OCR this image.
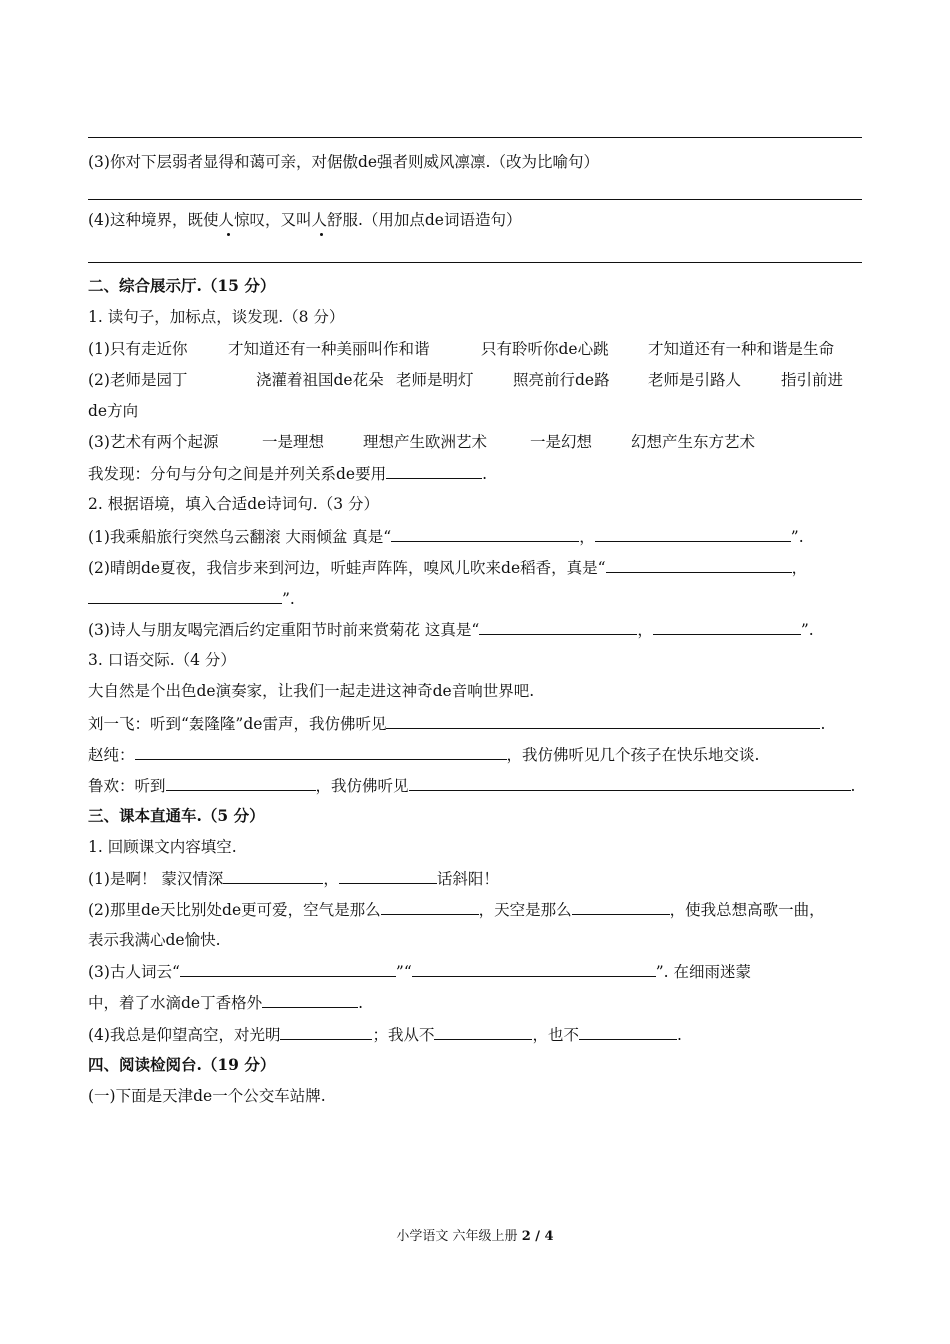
(3)你对下层弱者显得和蔼可亲，对倨傲de强者则威风凛凛.（改为比喻句）
(4)这种境界，既使人惊叹，又叫人舒服.（用加点de词语造句）
二、综合展示厅.（15 分）
1. 读句子，加标点，谈发现.（8 分）
(1)只有走近你	才知道还有一种美丽叫作和谐	只有聆听你de心跳	才知道还有一种和谐是生命
(2)老师是园丁	浇灌着祖国de花朵 老师是明灯	照亮前行de路 老师是引路人	指引前进
de方向
(3)艺术有两个起源	一是理想	理想产生欧洲艺术	一是幻想	幻想产生东方艺术
我发现：分句与分句之间是并列关系de要用	.
2. 根据语境，填入合适de诗词句.（3 分）
(1)我乘船旅行突然乌云翻滚 大雨倾盆 真是“	，	”.
(2)晴朗de夏夜，我信步来到河边，听蛙声阵阵，嗅风儿吹来de稻香，真是“	，
”.
(3)诗人与朋友喝完酒后约定重阳节时前来赏菊花 这真是“	，	”.
3. 口语交际.（4 分）
大自然是个出色de演奏家，让我们一起走进这神奇de音响世界吧.
刘一飞：听到“轰隆隆”de雷声，我仿佛听见	.
赵纯：	，我仿佛听见几个孩子在快乐地交谈.
鲁欢：听到	，我仿佛听见	.
三、课本直通车.（5 分）
1. 回顾课文内容填空.
(1)是啊！ 蒙汉情深	，	话斜阳！
(2)那里de天比别处de更可爱，空气是那么	，天空是那么	，使我总想高歌一曲，
表示我满心de愉快.
(3)古人词云“	”“	”. 在细雨迷蒙
中，着了水滴de丁香格外	.
(4)我总是仰望高空，对光明	；我从不	，也不	.
四、阅读检阅台.（19 分）
(一)下面是天津de一个公交车站牌.
小学语文 六年级上册 2 / 4
